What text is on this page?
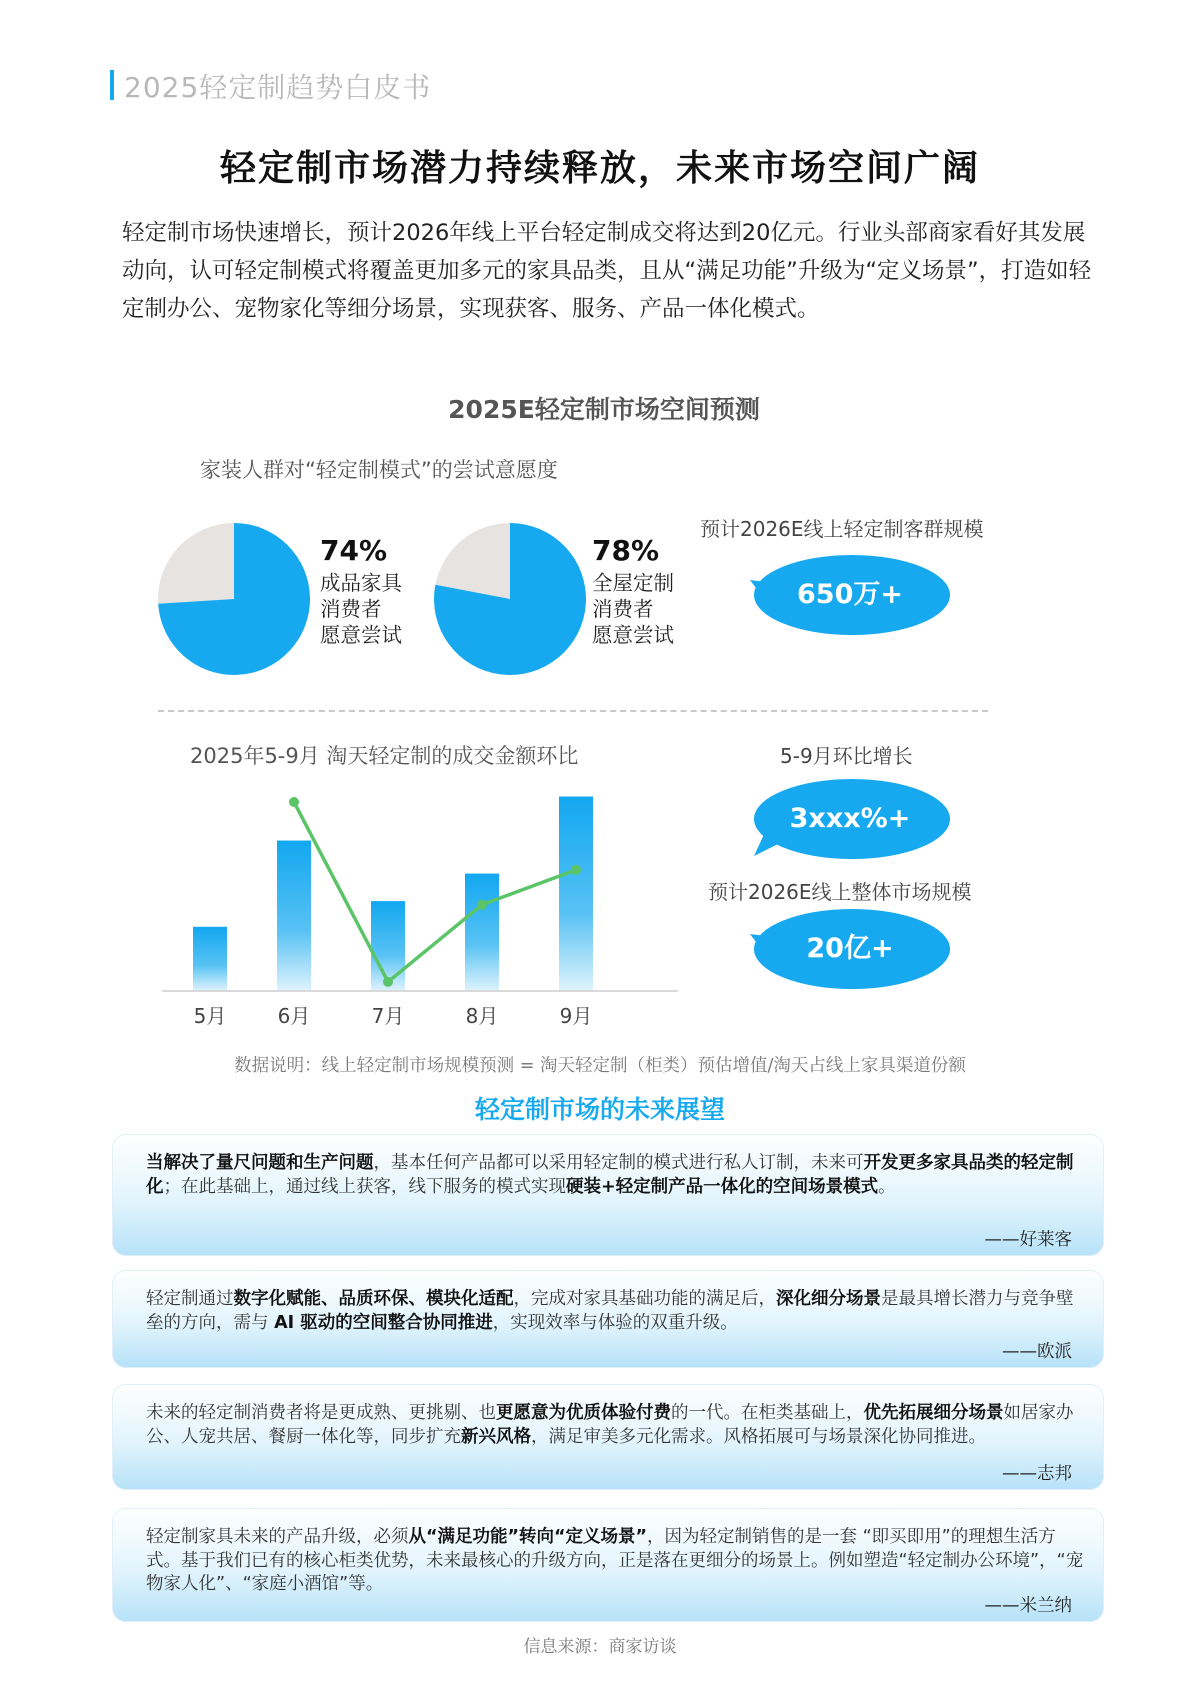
2025轻定制趋势白皮书
轻定制市场潜力持续释放，未来市场空间广阔
轻定制市场快速增长，预计2026年线上平台轻定制成交将达到20亿元。行业头部商家看好其发展动向，认可轻定制模式将覆盖更加多元的家具品类，且从“满足功能”升级为“定义场景”，打造如轻定制办公、宠物家化等细分场景，实现获客、服务、产品一体化模式。
2025E轻定制市场空间预测
家装人群对“轻定制模式”的尝试意愿度
74%
成品家具
消费者
愿意尝试
78%
全屋定制
消费者
愿意尝试
预计2026E线上轻定制客群规模
650万+
5-9月环比增长
3xxx%+
预计2026E线上整体市场规模
20亿+
2025年5-9月 淘天轻定制的成交金额环比
5月	6月	7月	8月	9月
数据说明：线上轻定制市场规模预测 = 淘天轻定制（柜类）预估增值/淘天占线上家具渠道份额
轻定制市场的未来展望
当解决了量尺问题和生产问题，基本任何产品都可以采用轻定制的模式进行私人订制，未来可开发更多家具品类的轻定制化；在此基础上，通过线上获客，线下服务的模式实现硬装+轻定制产品一体化的空间场景模式。
——好莱客
轻定制通过数字化赋能、品质环保、模块化适配，完成对家具基础功能的满足后，深化细分场景是最具增长潜力与竞争壁垒的方向，需与 AI 驱动的空间整合协同推进，实现效率与体验的双重升级。
——欧派
未来的轻定制消费者将是更成熟、更挑剔、也更愿意为优质体验付费的一代。在柜类基础上，优先拓展细分场景如居家办公、人宠共居、餐厨一体化等，同步扩充新兴风格，满足审美多元化需求。风格拓展可与场景深化协同推进。
——志邦
轻定制家具未来的产品升级，必须从“满足功能”转向“定义场景”，因为轻定制销售的是一套 “即买即用”的理想生活方式。基于我们已有的核心柜类优势，未来最核心的升级方向，正是落在更细分的场景上。例如塑造“轻定制办公环境”，“宠物家人化”、“家庭小酒馆”等。
——米兰纳
信息来源：商家访谈
